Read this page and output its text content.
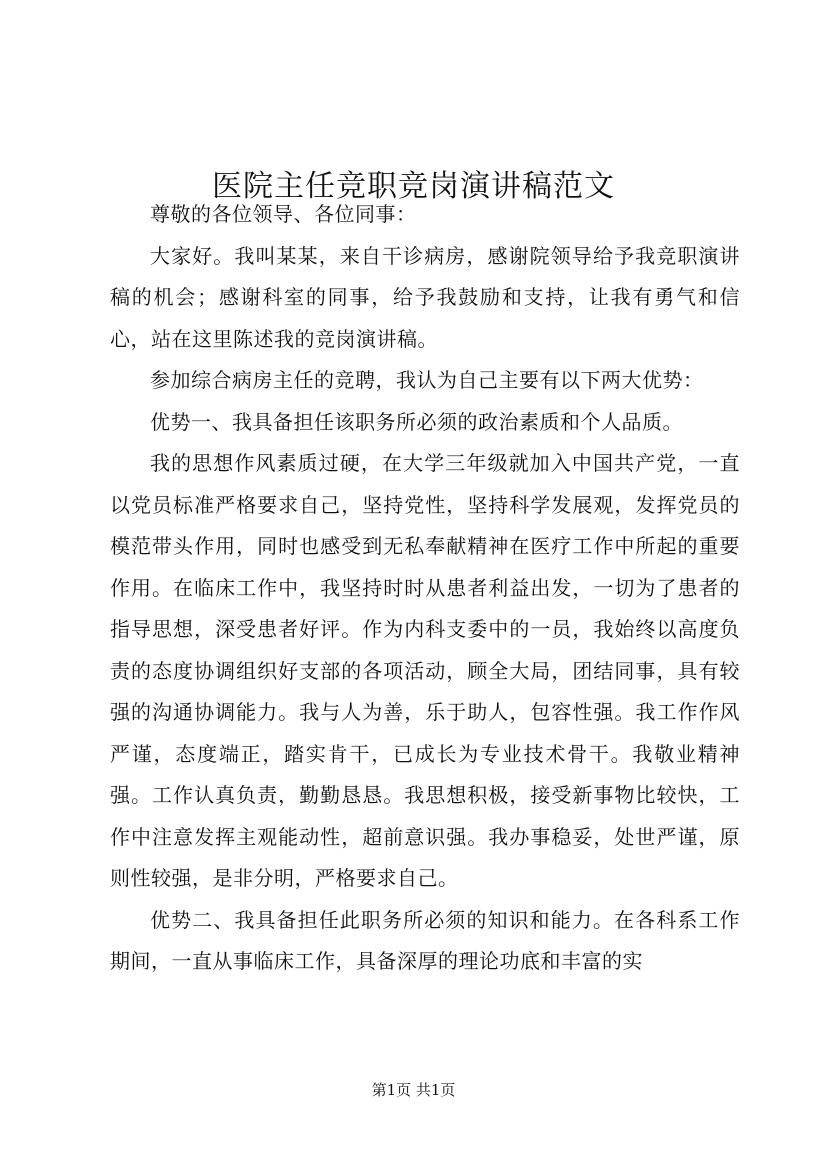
医院主任竞职竞岗演讲稿范文

尊敬的各位领导、各位同事：

大家好。我叫某某，来自干诊病房，感谢院领导给予我竞职演讲稿的机会；感谢科室的同事，给予我鼓励和支持，让我有勇气和信心，站在这里陈述我的竞岗演讲稿。

参加综合病房主任的竞聘，我认为自己主要有以下两大优势：

优势一、我具备担任该职务所必须的政治素质和个人品质。

我的思想作风素质过硬，在大学三年级就加入中国共产党，一直以党员标准严格要求自己，坚持党性，坚持科学发展观，发挥党员的模范带头作用，同时也感受到无私奉献精神在医疗工作中所起的重要作用。在临床工作中，我坚持时时从患者利益出发，一切为了患者的指导思想，深受患者好评。作为内科支委中的一员，我始终以高度负责的态度协调组织好支部的各项活动，顾全大局，团结同事，具有较强的沟通协调能力。我与人为善，乐于助人，包容性强。我工作作风严谨，态度端正，踏实肯干，已成长为专业技术骨干。我敬业精神强。工作认真负责，勤勤恳恳。我思想积极，接受新事物比较快，工作中注意发挥主观能动性，超前意识强。我办事稳妥，处世严谨，原则性较强，是非分明，严格要求自己。

优势二、我具备担任此职务所必须的知识和能力。在各科系工作期间，一直从事临床工作，具备深厚的理论功底和丰富的实

第1页 共1页
